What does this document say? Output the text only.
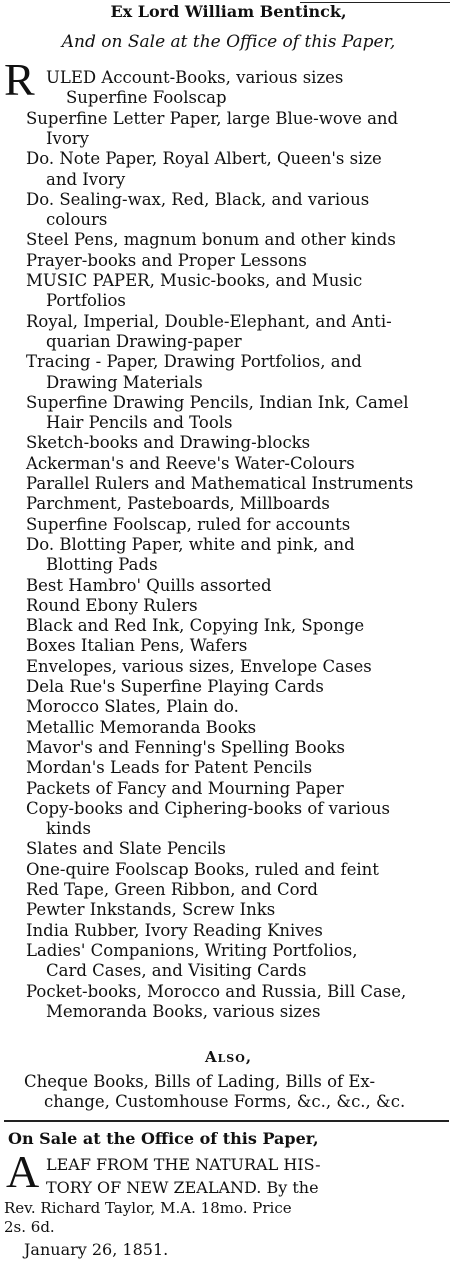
Ex Lord William Bentinck,
And on Sale at the Office of this Paper,
R ULED Account-Books, various sizes
Superfine Foolscap
Superfine Letter Paper, large Blue-wove and
Ivory
Do. Note Paper, Royal Albert, Queen's size
and Ivory
Do. Sealing-wax, Red, Black, and various
colours
Steel Pens, magnum bonum and other kinds
Prayer-books and Proper Lessons
MUSIC PAPER, Music-books, and Music
Portfolios
Royal, Imperial, Double-Elephant, and Anti-
quarian Drawing-paper
Tracing - Paper, Drawing Portfolios, and
Drawing Materials
Superfine Drawing Pencils, Indian Ink, Camel
Hair Pencils and Tools
Sketch-books and Drawing-blocks
Ackerman's and Reeve's Water-Colours
Parallel Rulers and Mathematical Instruments
Parchment, Pasteboards, Millboards
Superfine Foolscap, ruled for accounts
Do. Blotting Paper, white and pink, and
Blotting Pads
Best Hambro' Quills assorted
Round Ebony Rulers
Black and Red Ink, Copying Ink, Sponge
Boxes Italian Pens, Wafers
Envelopes, various sizes, Envelope Cases
Dela Rue's Superfine Playing Cards
Morocco Slates, Plain do.
Metallic Memoranda Books
Mavor's and Fenning's Spelling Books
Mordan's Leads for Patent Pencils
Packets of Fancy and Mourning Paper
Copy-books and Ciphering-books of various
kinds
Slates and Slate Pencils
One-quire Foolscap Books, ruled and feint
Red Tape, Green Ribbon, and Cord
Pewter Inkstands, Screw Inks
India Rubber, Ivory Reading Knives
Ladies' Companions, Writing Portfolios,
Card Cases, and Visiting Cards
Pocket-books, Morocco and Russia, Bill Case,
Memoranda Books, various sizes
Also,
Cheque Books, Bills of Lading, Bills of Ex-
change, Customhouse Forms, &c., &c., &c.
On Sale at the Office of this Paper,
A LEAF FROM THE NATURAL HIS-
TORY OF NEW ZEALAND. By the
Rev. Richard Taylor, M.A. 18mo. Price
2s. 6d.
January 26, 1851.
